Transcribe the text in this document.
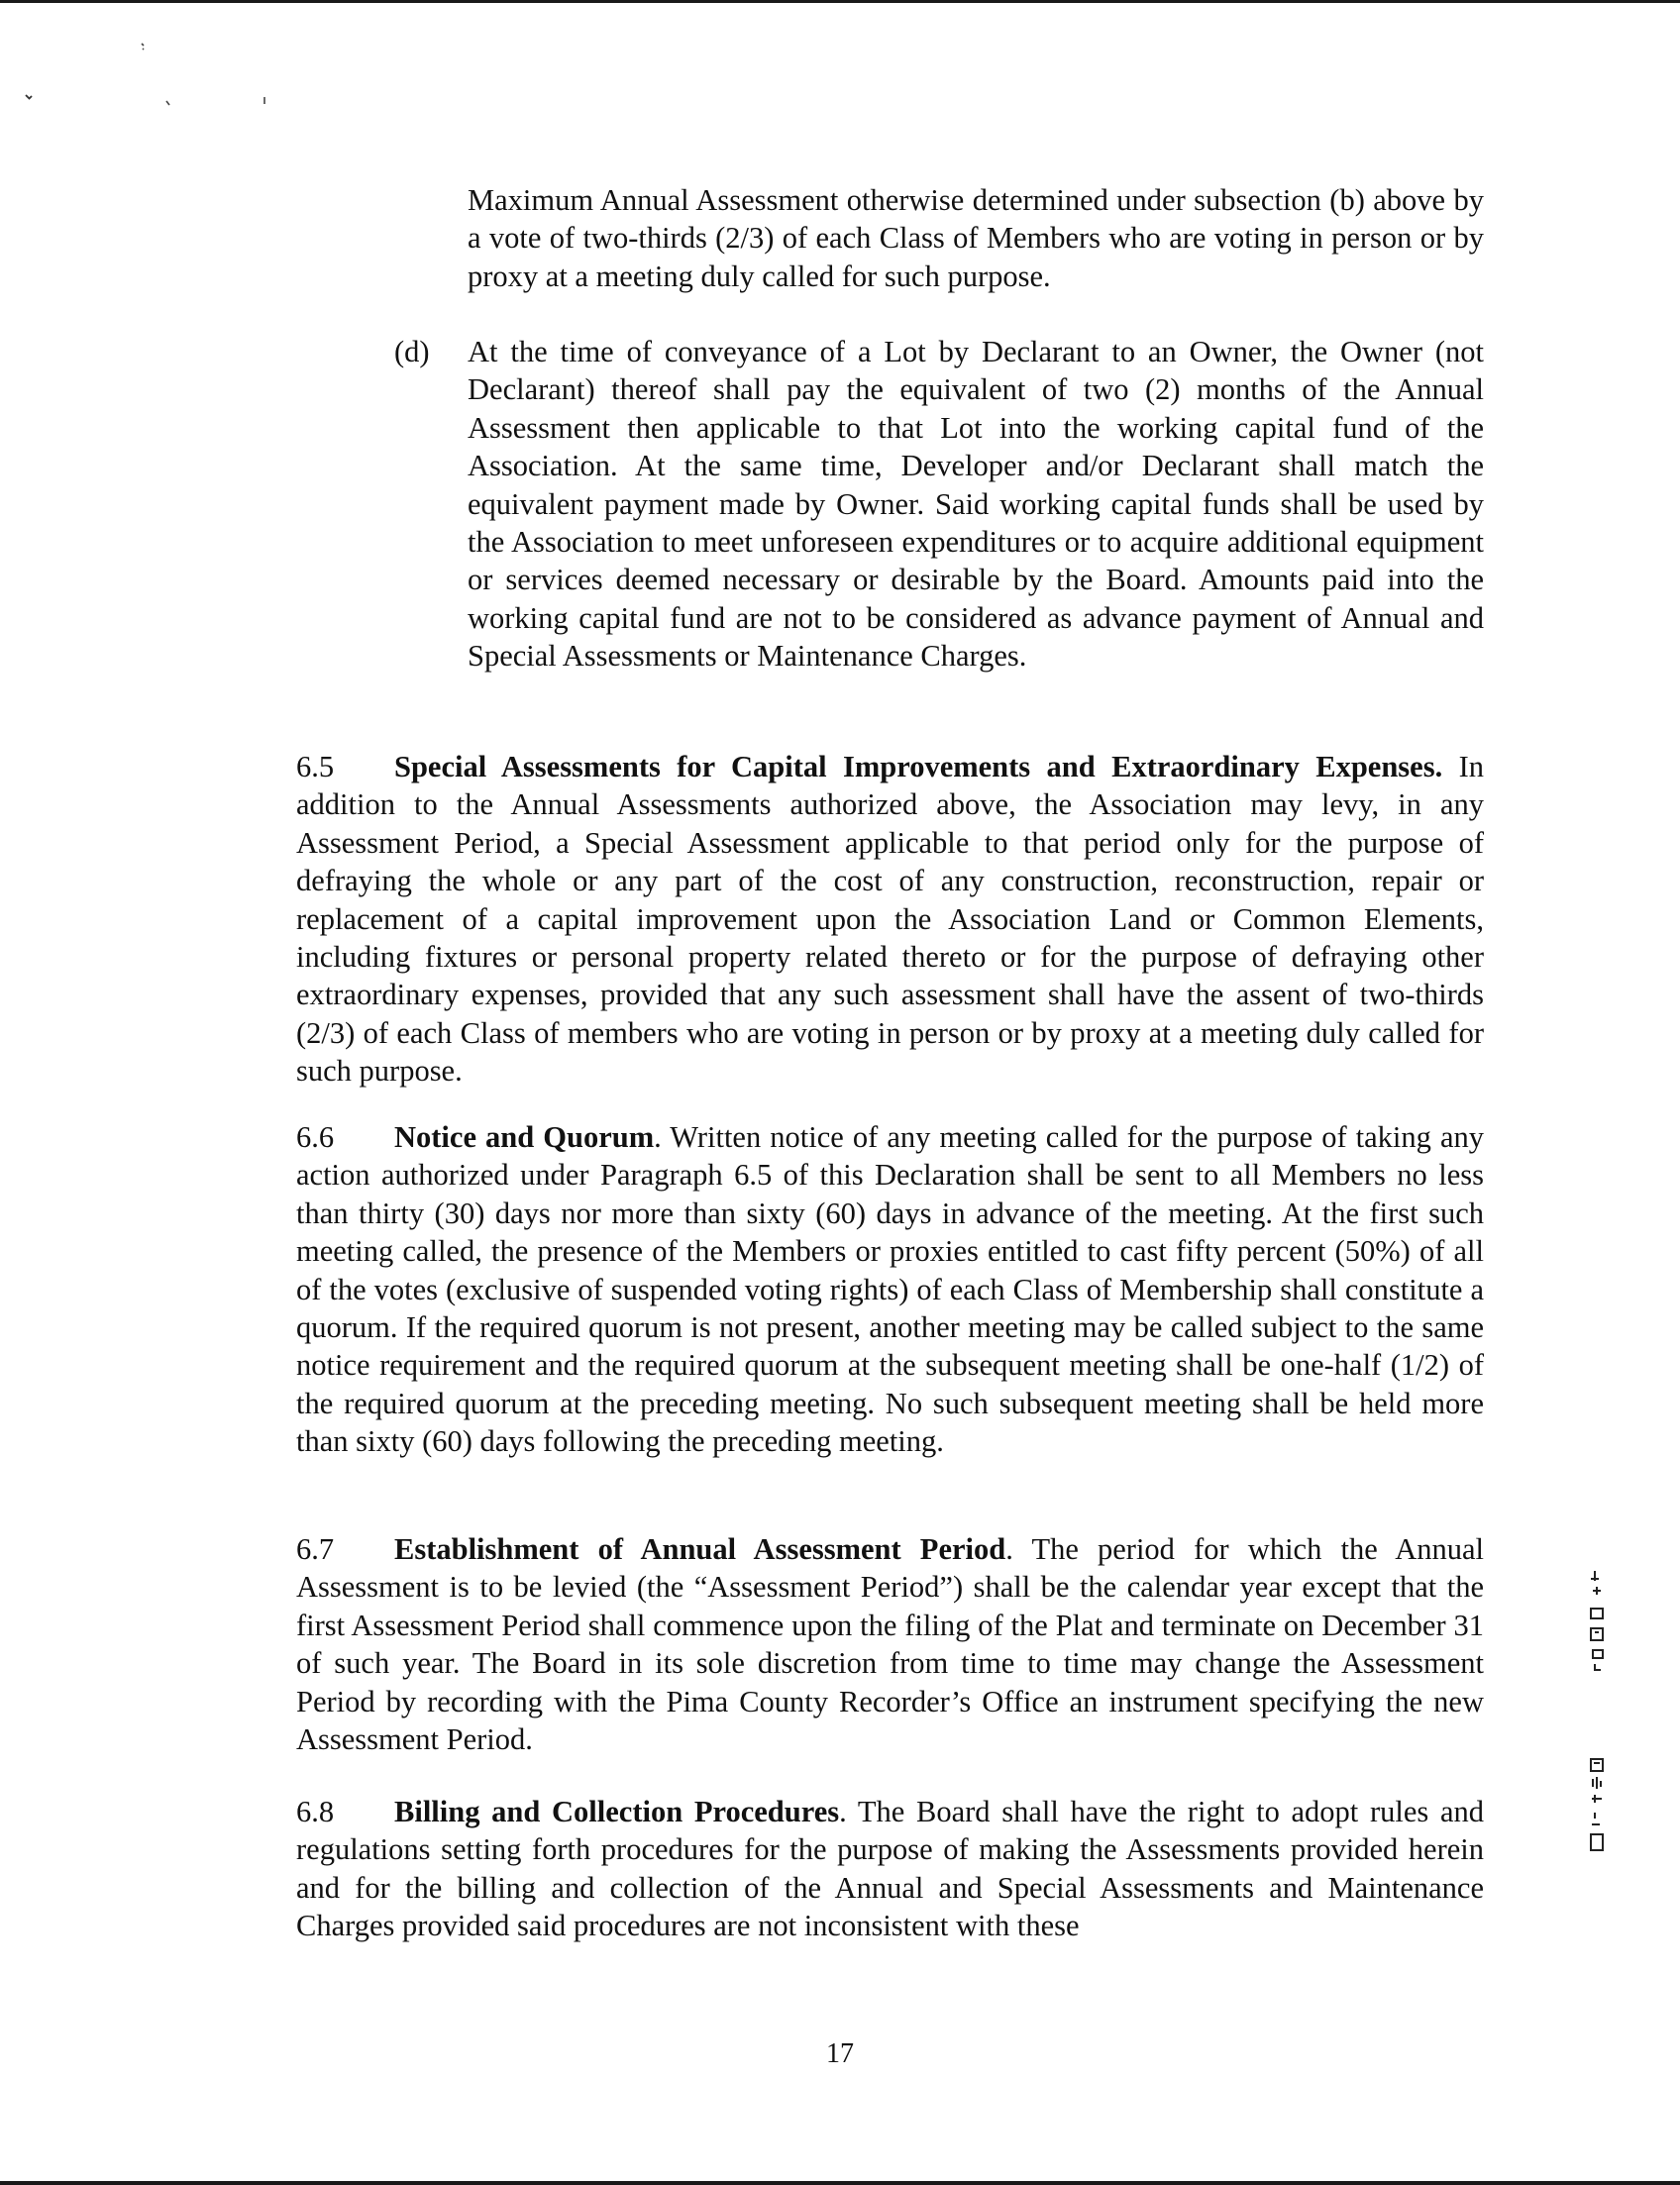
Maximum Annual Assessment otherwise determined under subsection (b) above by a vote of two-thirds (2/3) of each Class of Members who are voting in person or by proxy at a meeting duly called for such purpose.

(d) At the time of conveyance of a Lot by Declarant to an Owner, the Owner (not Declarant) thereof shall pay the equivalent of two (2) months of the Annual Assessment then applicable to that Lot into the working capital fund of the Association. At the same time, Developer and/or Declarant shall match the equivalent payment made by Owner. Said working capital funds shall be used by the Association to meet unforeseen expenditures or to acquire additional equipment or services deemed necessary or desirable by the Board. Amounts paid into the working capital fund are not to be considered as advance payment of Annual and Special Assessments or Maintenance Charges.

6.5 Special Assessments for Capital Improvements and Extraordinary Expenses. In addition to the Annual Assessments authorized above, the Association may levy, in any Assessment Period, a Special Assessment applicable to that period only for the purpose of defraying the whole or any part of the cost of any construction, reconstruction, repair or replacement of a capital improvement upon the Association Land or Common Elements, including fixtures or personal property related thereto or for the purpose of defraying other extraordinary expenses, provided that any such assessment shall have the assent of two-thirds (2/3) of each Class of members who are voting in person or by proxy at a meeting duly called for such purpose.

6.6 Notice and Quorum. Written notice of any meeting called for the purpose of taking any action authorized under Paragraph 6.5 of this Declaration shall be sent to all Members no less than thirty (30) days nor more than sixty (60) days in advance of the meeting. At the first such meeting called, the presence of the Members or proxies entitled to cast fifty percent (50%) of all of the votes (exclusive of suspended voting rights) of each Class of Membership shall constitute a quorum. If the required quorum is not present, another meeting may be called subject to the same notice requirement and the required quorum at the subsequent meeting shall be one-half (1/2) of the required quorum at the preceding meeting. No such subsequent meeting shall be held more than sixty (60) days following the preceding meeting.

6.7 Establishment of Annual Assessment Period. The period for which the Annual Assessment is to be levied (the “Assessment Period”) shall be the calendar year except that the first Assessment Period shall commence upon the filing of the Plat and terminate on December 31 of such year. The Board in its sole discretion from time to time may change the Assessment Period by recording with the Pima County Recorder’s Office an instrument specifying the new Assessment Period.

6.8 Billing and Collection Procedures. The Board shall have the right to adopt rules and regulations setting forth procedures for the purpose of making the Assessments provided herein and for the billing and collection of the Annual and Special Assessments and Maintenance Charges provided said procedures are not inconsistent with these

17
